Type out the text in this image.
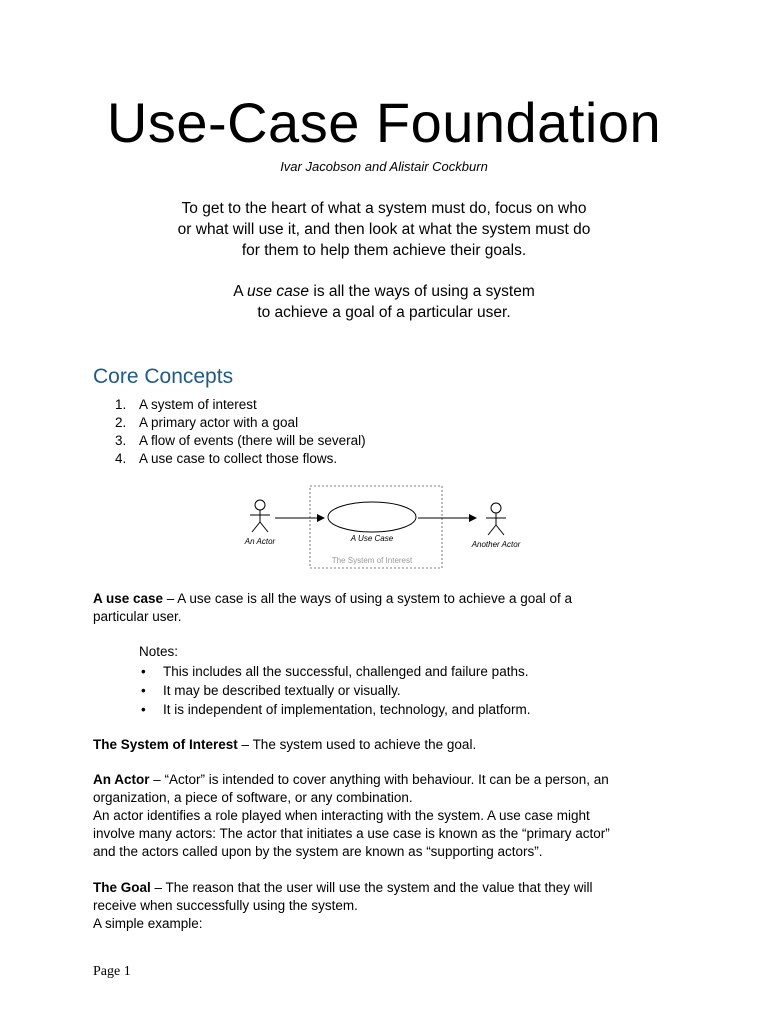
Use-Case Foundation
Ivar Jacobson and Alistair Cockburn
To get to the heart of what a system must do, focus on who
or what will use it, and then look at what the system must do
for them to help them achieve their goals.
A use case is all the ways of using a system
to achieve a goal of a particular user.
Core Concepts
1. A system of interest
2. A primary actor with a goal
3. A flow of events (there will be several)
4. A use case to collect those flows.
An Actor	A Use Case
Another Actor
The System of Interest
A use case – A use case is all the ways of using a system to achieve a goal of a
particular user.
Notes:
• This includes all the successful, challenged and failure paths.
• It may be described textually or visually.
• It is independent of implementation, technology, and platform.
The System of Interest – The system used to achieve the goal.
An Actor – “Actor” is intended to cover anything with behaviour. It can be a person, an
organization, a piece of software, or any combination.
An actor identifies a role played when interacting with the system. A use case might
involve many actors: The actor that initiates a use case is known as the “primary actor”
and the actors called upon by the system are known as “supporting actors”.
The Goal – The reason that the user will use the system and the value that they will
receive when successfully using the system.
A simple example:
Page 1
